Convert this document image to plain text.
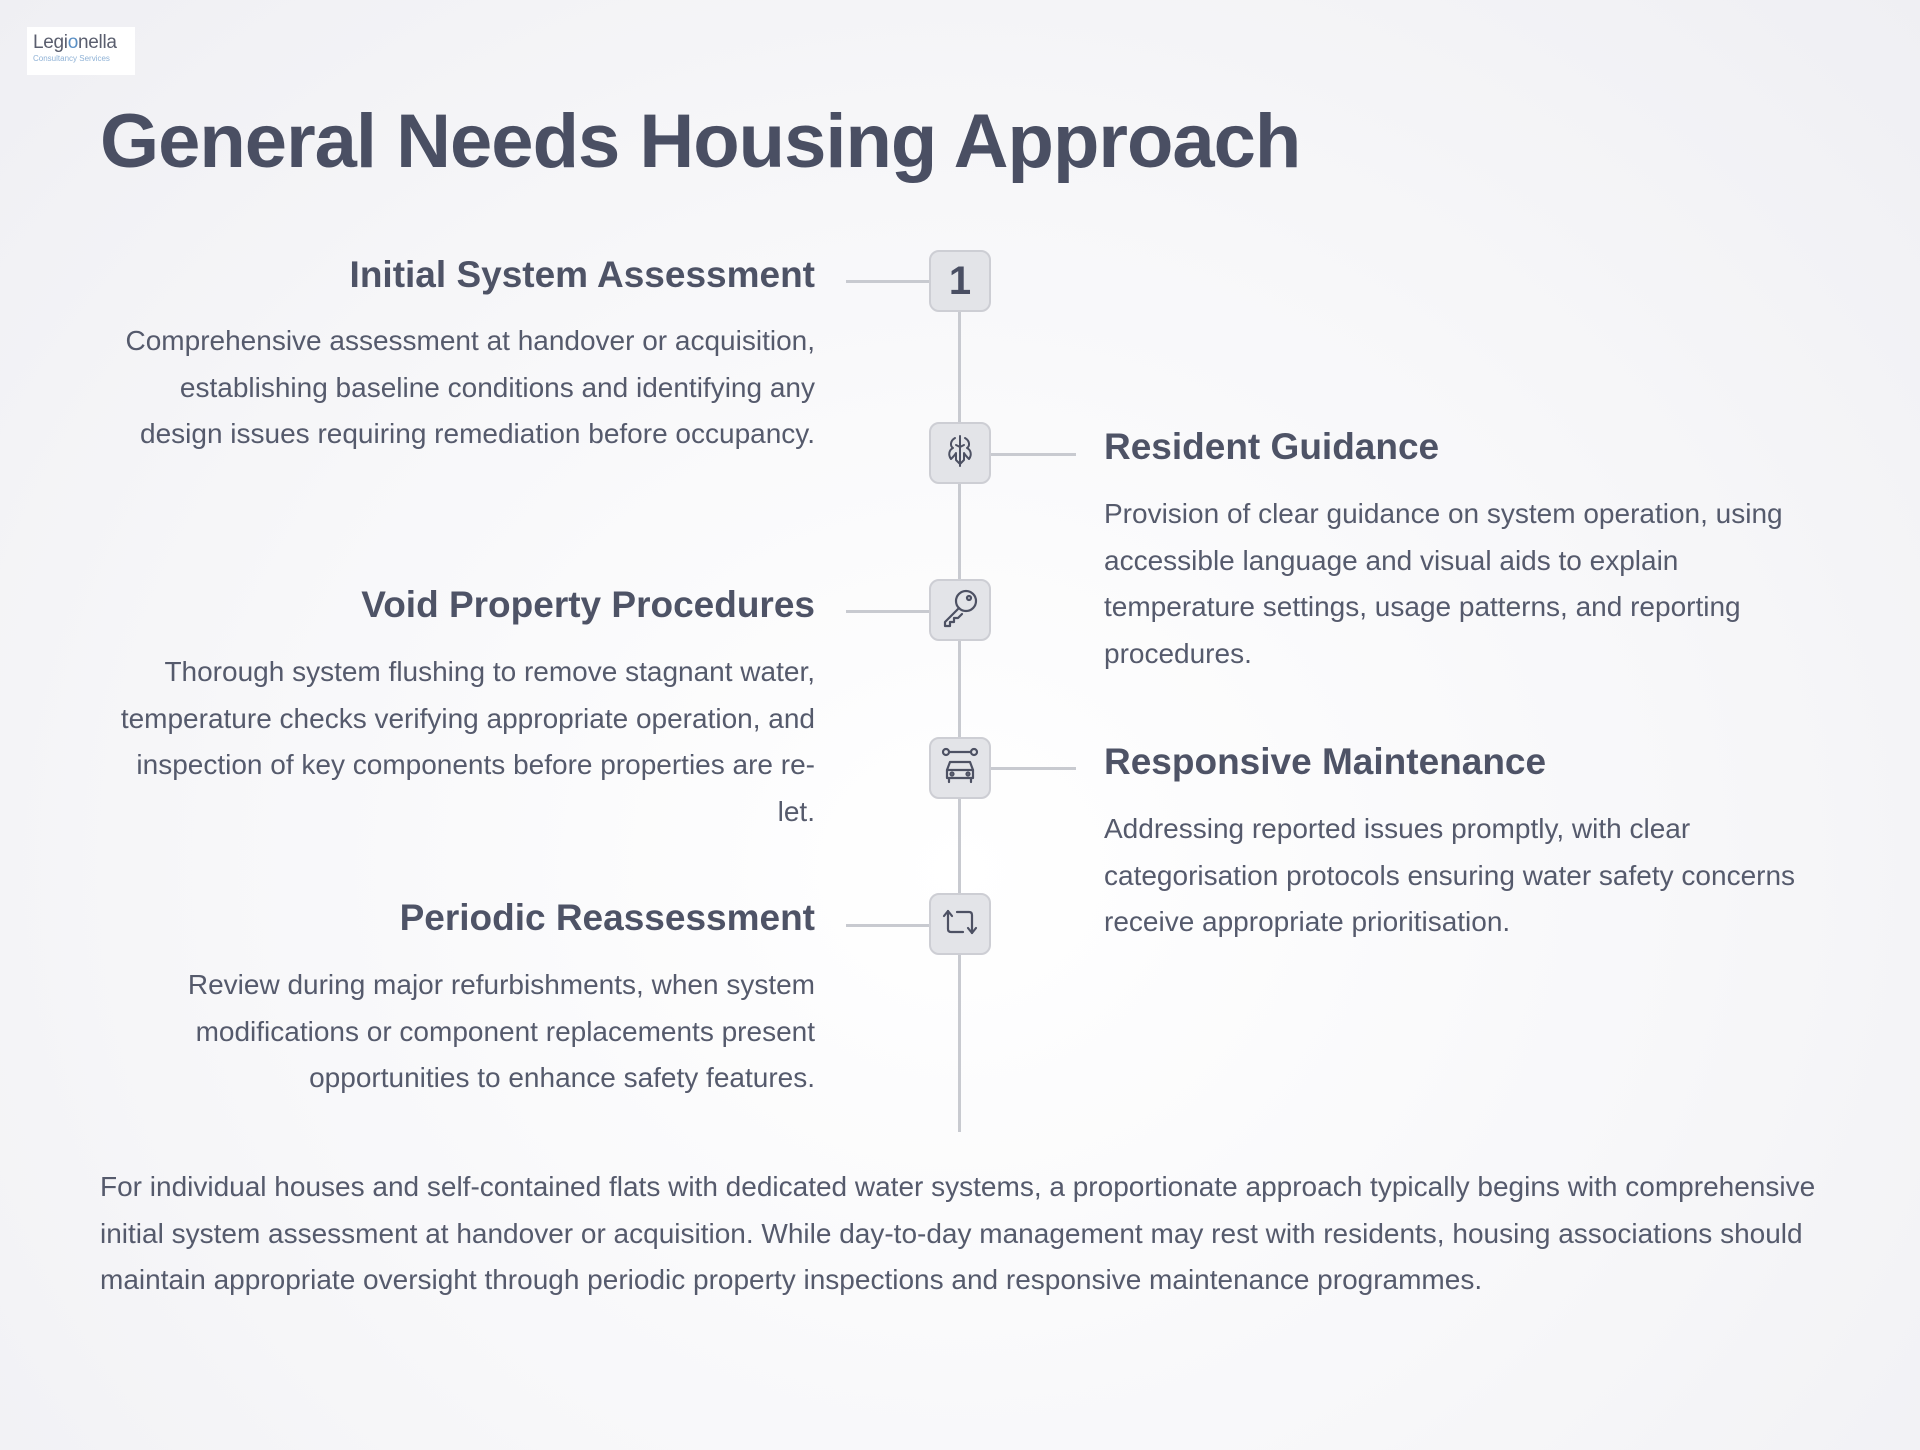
Legionella
Consultancy Services
General Needs Housing Approach
1
Initial System Assessment

Comprehensive assessment at handover or acquisition, establishing baseline conditions and identifying any design issues requiring remediation before occupancy.	Resident Guidance

Provision of clear guidance on system operation, using accessible language and visual aids to explain temperature settings, usage patterns, and reporting procedures.

Void Property Procedures

Thorough system flushing to remove stagnant water, temperature checks verifying appropriate operation, and inspection of key components before properties are re-let.

Responsive Maintenance

Addressing reported issues promptly, with clear categorisation protocols ensuring water safety concerns receive appropriate prioritisation.

Periodic Reassessment

Review during major refurbishments, when system modifications or component replacements present opportunities to enhance safety features.

For individual houses and self-contained flats with dedicated water systems, a proportionate approach typically begins with comprehensive initial system assessment at handover or acquisition. While day-to-day management may rest with residents, housing associations should maintain appropriate oversight through periodic property inspections and responsive maintenance programmes.
